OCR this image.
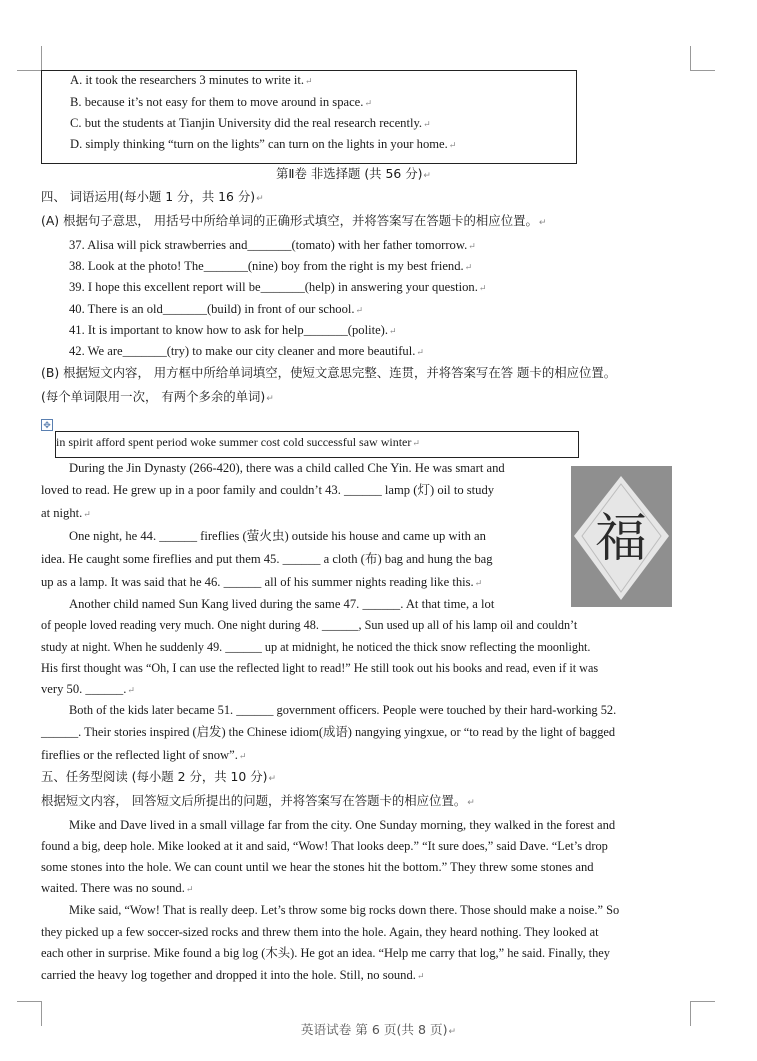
A. it took the researchers 3 minutes to write it.↵
B. because it’s not easy for them to move around in space.↵
C. but the students at Tianjin University did the real research recently.↵
D. simply thinking “turn on the lights” can turn on the lights in your home.↵
第Ⅱ卷 非选择题 (共 56 分)↵
四、 词语运用(每小题 1 分，共 16 分)↵
(A) 根据句子意思， 用括号中所给单词的正确形式填空，并将答案写在答题卡的相应位置。↵
37. Alisa will pick strawberries and_______(tomato) with her father tomorrow.↵
38. Look at the photo! The_______(nine) boy from the right is my best friend.↵
39. I hope this excellent report will be_______(help) in answering your question.↵
40. There is an old_______(build) in front of our school.↵
41. It is important to know how to ask for help_______(polite).↵
42. We are_______(try) to make our city cleaner and more beautiful.↵
(B) 根据短文内容， 用方框中所给单词填空，使短文意思完整、连贯，并将答案写在答 题卡的相应位置。
(每个单词限用一次， 有两个多余的单词)↵
✥
in spirit afford spent period woke summer cost cold successful saw winter↵
During the Jin Dynasty (266-420), there was a child called Che Yin. He was smart and
loved to read. He grew up in a poor family and couldn’t 43. ______ lamp (灯) oil to study
at night.↵
One night, he 44. ______ fireflies (萤火虫) outside his house and came up with an
idea. He caught some fireflies and put them 45. ______ a cloth (布) bag and hung the bag
up as a lamp. It was said that he 46. ______ all of his summer nights reading like this.↵
Another child named Sun Kang lived during the same 47. ______. At that time, a lot
of people loved reading very much. One night during 48. ______, Sun used up all of his lamp oil and couldn’t
study at night. When he suddenly 49. ______ up at midnight, he noticed the thick snow reflecting the moonlight.
His first thought was “Oh, I can use the reflected light to read!” He still took out his books and read, even if it was
very 50. ______.↵
Both of the kids later became 51. ______ government officers. People were touched by their hard-working 52.
______. Their stories inspired (启发) the Chinese idiom(成语) nangying yingxue, or “to read by the light of bagged
fireflies or the reflected light of snow”.↵
福
五、任务型阅读 (每小题 2 分，共 10 分)↵
根据短文内容， 回答短文后所提出的问题，并将答案写在答题卡的相应位置。↵
Mike and Dave lived in a small village far from the city. One Sunday morning, they walked in the forest and
found a big, deep hole. Mike looked at it and said, “Wow! That looks deep.” “It sure does,” said Dave. “Let’s drop
some stones into the hole. We can count until we hear the stones hit the bottom.” They threw some stones and
waited. There was no sound.↵
Mike said, “Wow! That is really deep. Let’s throw some big rocks down there. Those should make a noise.” So
they picked up a few soccer-sized rocks and threw them into the hole. Again, they heard nothing. They looked at
each other in surprise. Mike found a big log (木头). He got an idea. “Help me carry that log,” he said. Finally, they
carried the heavy log together and dropped it into the hole. Still, no sound.↵
英语试卷 第 6 页(共 8 页)↵
